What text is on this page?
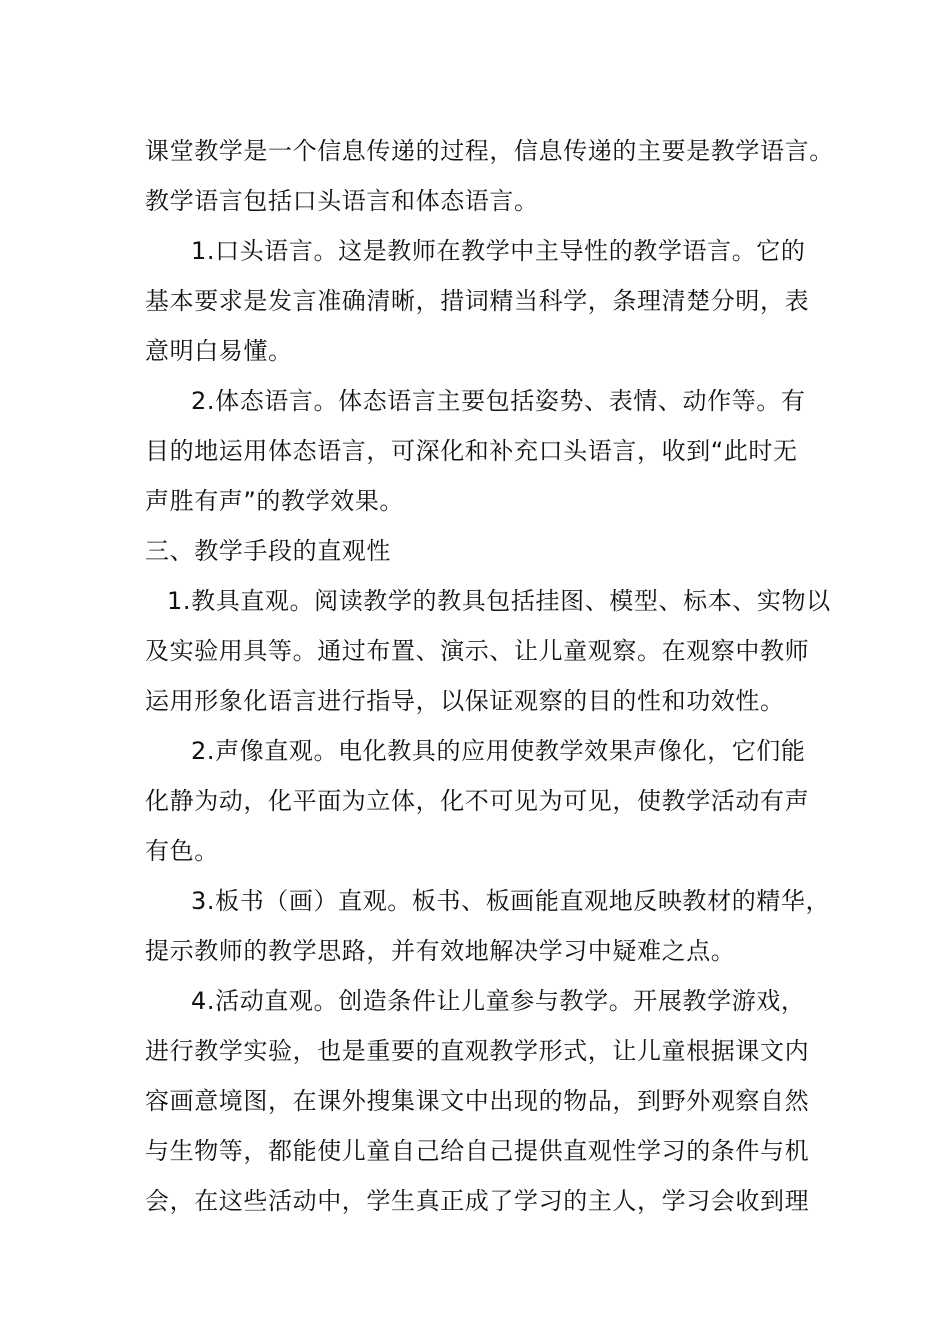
课堂教学是一个信息传递的过程，信息传递的主要是教学语言。
教学语言包括口头语言和体态语言。
1.口头语言。这是教师在教学中主导性的教学语言。它的
基本要求是发言准确清晰，措词精当科学，条理清楚分明，表
意明白易懂。
2.体态语言。体态语言主要包括姿势、表情、动作等。有
目的地运用体态语言，可深化和补充口头语言，收到“此时无
声胜有声”的教学效果。
三、教学手段的直观性
1.教具直观。阅读教学的教具包括挂图、模型、标本、实物以
及实验用具等。通过布置、演示、让儿童观察。在观察中教师
运用形象化语言进行指导，以保证观察的目的性和功效性。
2.声像直观。电化教具的应用使教学效果声像化，它们能
化静为动，化平面为立体，化不可见为可见，使教学活动有声
有色。
3.板书（画）直观。板书、板画能直观地反映教材的精华，
提示教师的教学思路，并有效地解决学习中疑难之点。
4.活动直观。创造条件让儿童参与教学。开展教学游戏，
进行教学实验，也是重要的直观教学形式，让儿童根据课文内
容画意境图，在课外搜集课文中出现的物品，到野外观察自然
与生物等，都能使儿童自己给自己提供直观性学习的条件与机
会，在这些活动中，学生真正成了学习的主人，学习会收到理
